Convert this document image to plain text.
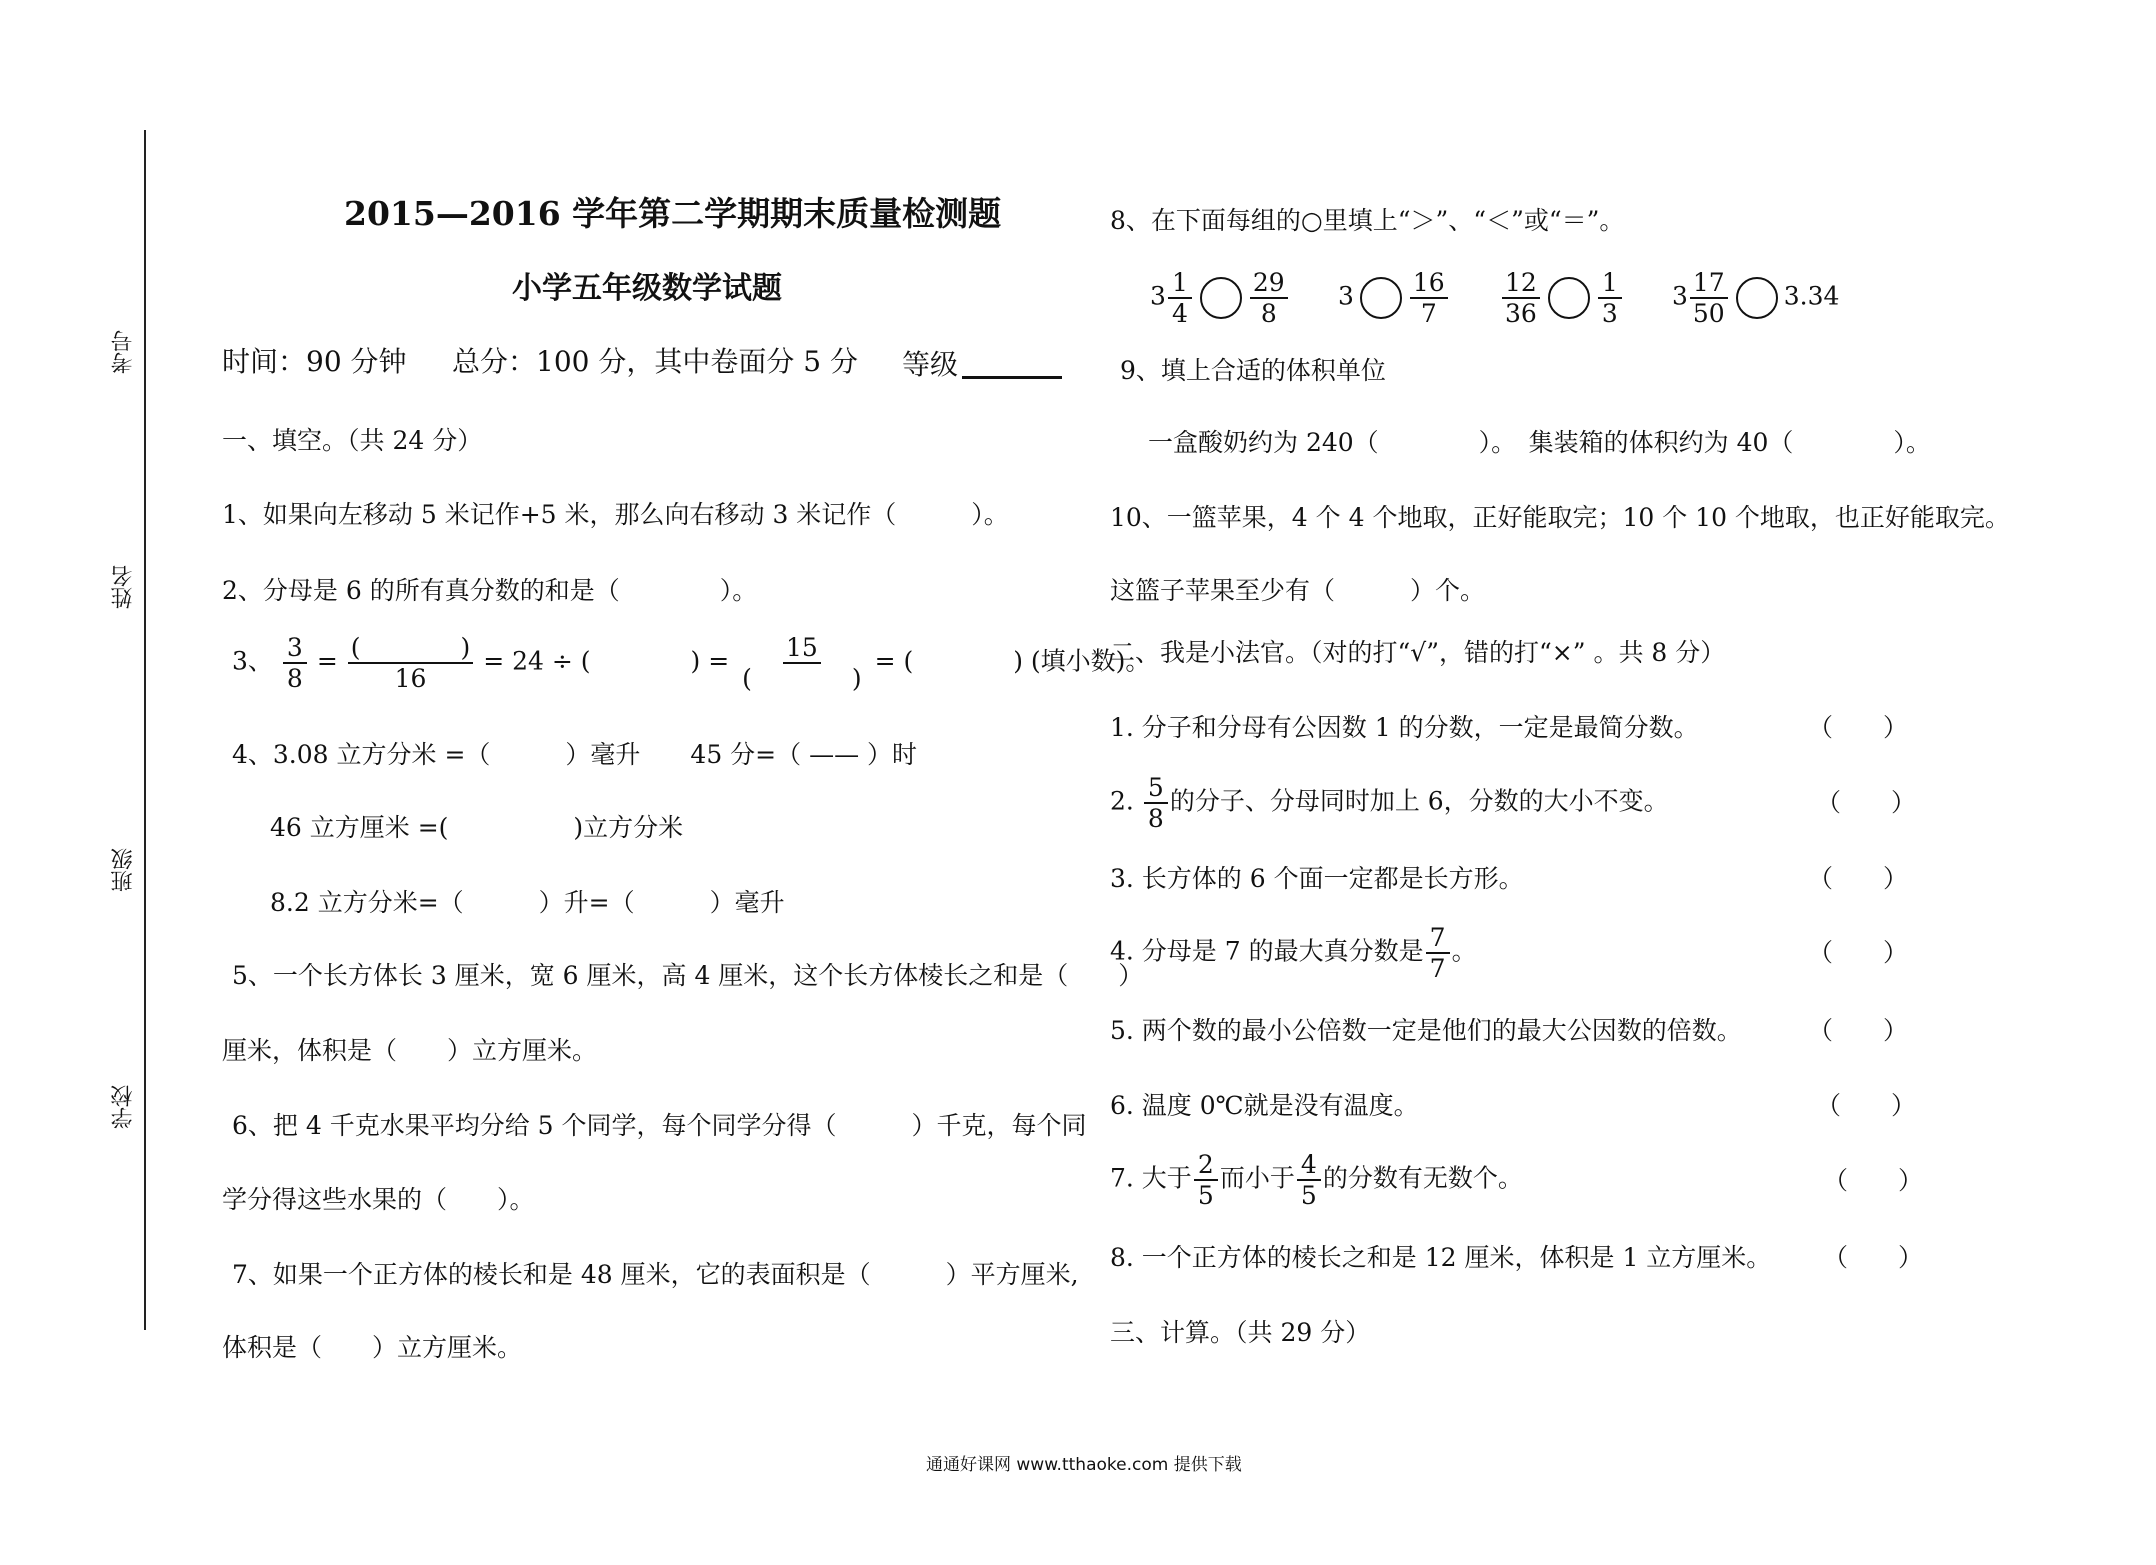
考号
姓名
班级
学校
2015—2016 学年第二学期期末质量检测题
小学五年级数学试题
时间：90 分钟 总分：100 分，其中卷面分 5 分 等级
一、填空。（共 24 分）
1、如果向左移动 5 米记作+5 米，那么向右移动 3 米记作（　　　）。
2、分母是 6 的所有真分数的和是（　　　　）。
3、 $\frac{3}{8} = \frac{( )}{16} = 24$ ÷ (　　　　) = $\frac{15}{( )}$ = (　　　　) (填小数)。
4、3.08 立方分米 =（　　　）毫升　　45 分=（ —— ）时
46 立方厘米 =(　　　　　)立方分米
8.2 立方分米=（　　　）升=（　　　）毫升
5、一个长方体长 3 厘米，宽 6 厘米，高 4 厘米，这个长方体棱长之和是（　　）
厘米，体积是（　　）立方厘米。
6、把 4 千克水果平均分给 5 个同学，每个同学分得（　　　）千克，每个同
学分得这些水果的（　　）。
7、如果一个正方体的棱长和是 48 厘米，它的表面积是（　　　）平方厘米,
体积是（　　）立方厘米。
8、在下面每组的○里填上“＞”、“＜”或“＝”。
$3 \frac{1}{4} \frac{29}{8} 3 \frac{16}{7} \frac{12}{36} \frac{1}{3} 3 \frac{17}{50} 3.34$
9、填上合适的体积单位
一盒酸奶约为 240（　　　　）。　集装箱的体积约为 40（　　　　）。
10、一篮苹果，4 个 4 个地取，正好能取完；10 个 10 个地取，也正好能取完。
这篮子苹果至少有（　　　）个。
二、我是小法官。（对的打“√”，错的打“×” 。共 8 分）
1. 分子和分母有公因数 1 的分数，一定是最简分数。	（　　）
2. $\frac{5}{8}$ 的分子、分母同时加上 6，分数的大小不变。	（　　）
3. 长方体的 6 个面一定都是长方形。	（　　）
4. 分母是 7 的最大真分数是 $\frac{7}{7}$ 。	（　　）
5. 两个数的最小公倍数一定是他们的最大公因数的倍数。	（　　）
6. 温度 0℃就是没有温度。	（　　）
7. 大于 $\frac{2}{5}$ 而小于 $\frac{4}{5}$ 的分数有无数个。	（　　）
8. 一个正方体的棱长之和是 12 厘米，体积是 1 立方厘米。 （　　）
三、计算。（共 29 分）
通通好课网 www.tthaoke.com 提供下载
